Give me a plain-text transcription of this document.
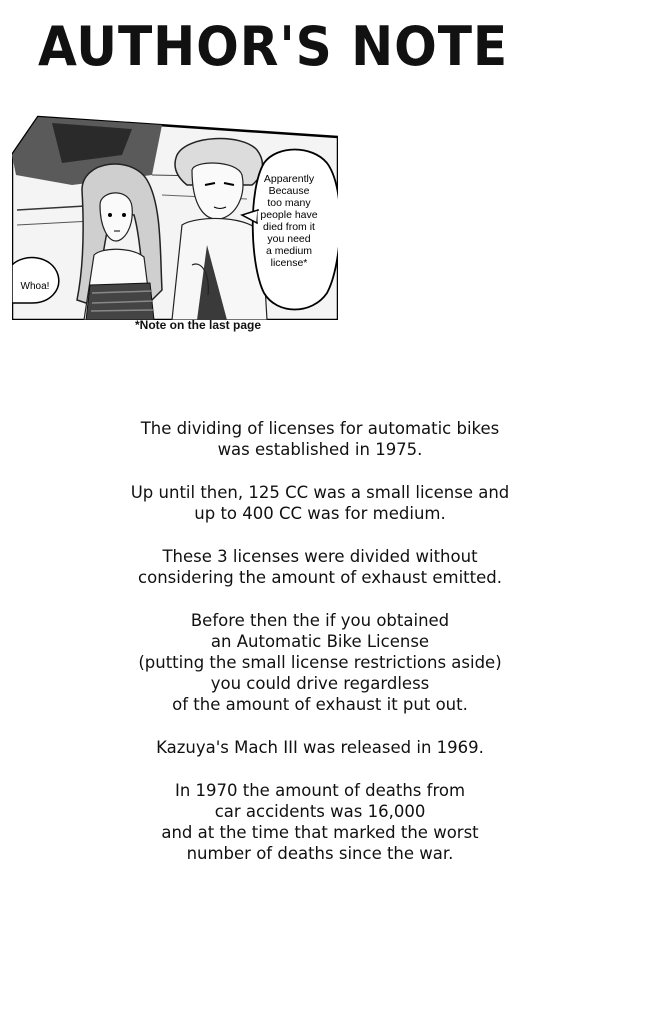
AUTHOR'S NOTE
Apparently
Because
too many
people have
died from it
you need
a medium
license*
Whoa!
*Note on the last page

The dividing of licenses for automatic bikes
was established in 1975.

Up until then, 125 CC was a small license and
up to 400 CC was for medium.

These 3 licenses were divided without
considering the amount of exhaust emitted.

Before then the if you obtained
an Automatic Bike License
(putting the small license restrictions aside)
you could drive regardless
of the amount of exhaust it put out.

Kazuya's Mach III was released in 1969.

In 1970 the amount of deaths from
car accidents was 16,000
and at the time that marked the worst
number of deaths since the war.
